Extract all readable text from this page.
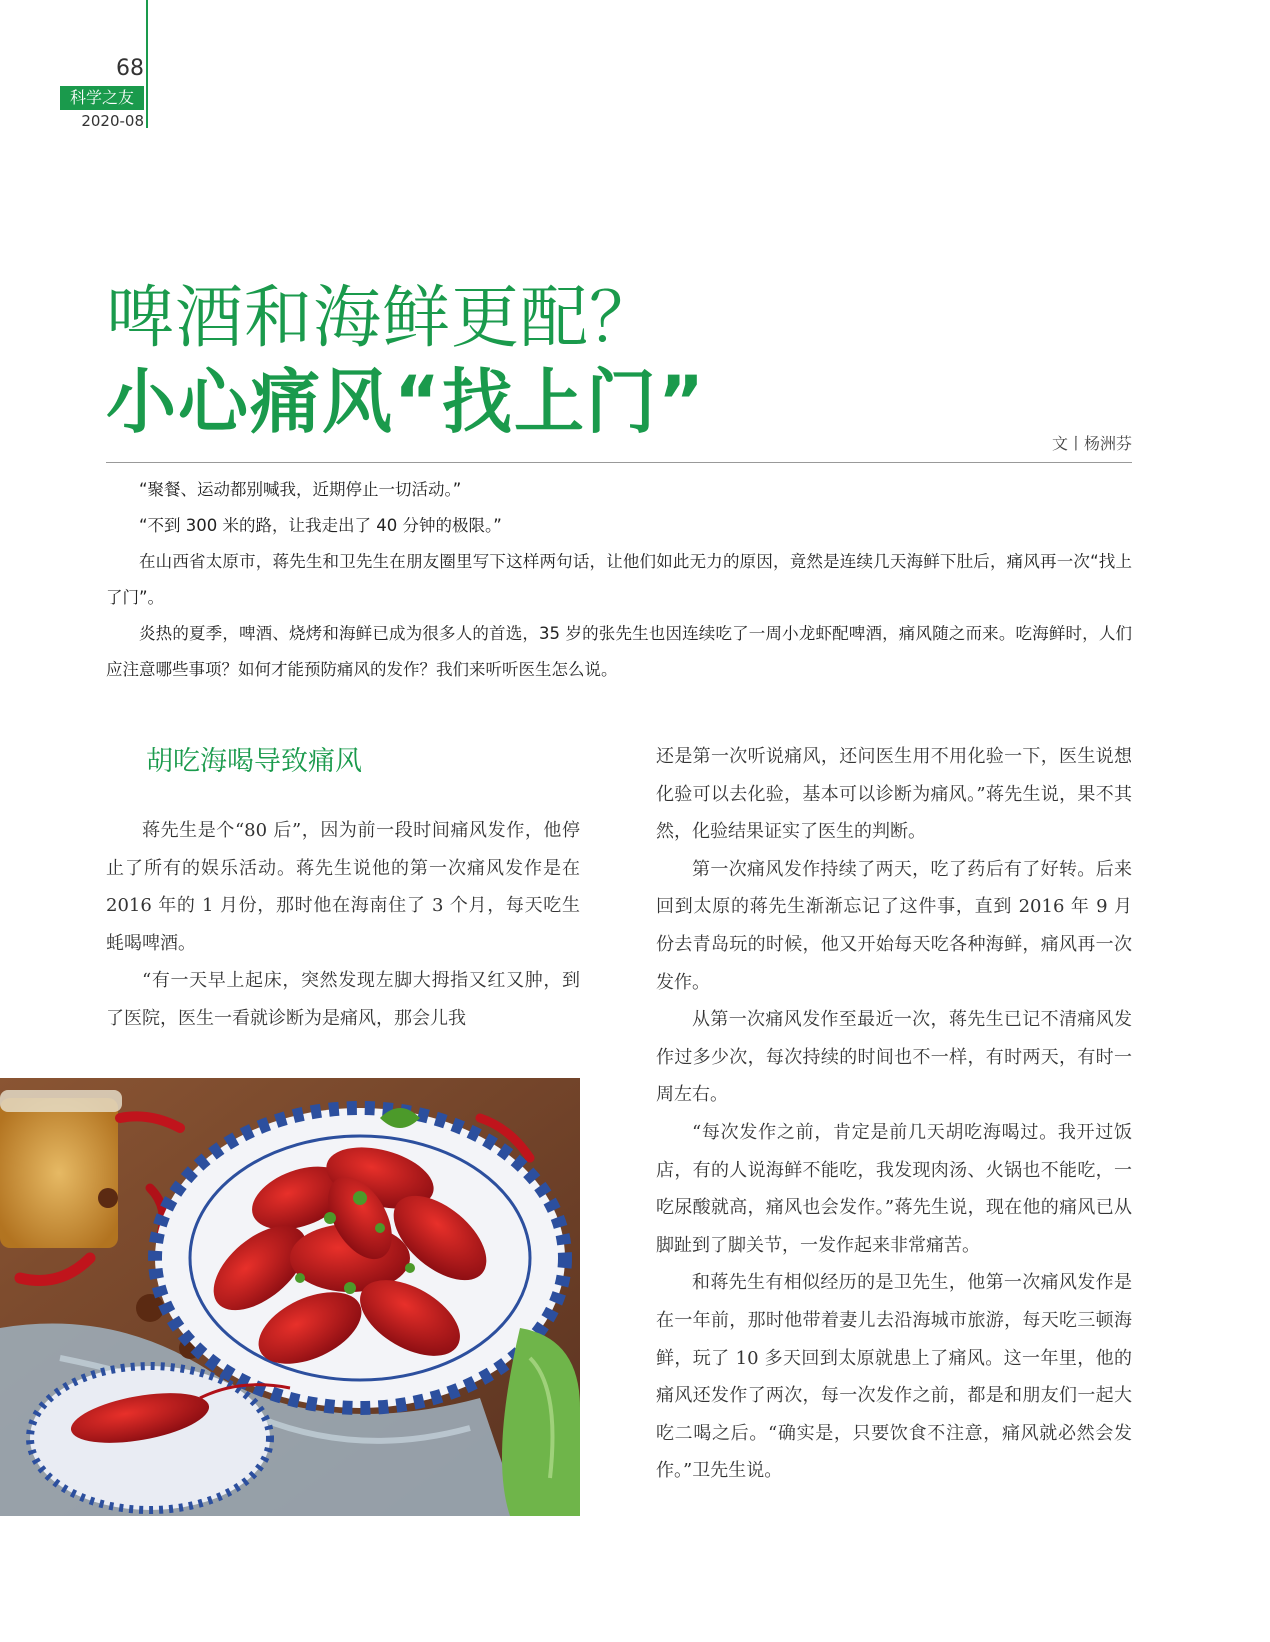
68
科学之友
2020-08
啤酒和海鲜更配？
小心痛风“找上门”
文丨杨洲芬

“聚餐、运动都别喊我，近期停止一切活动。”

“不到 300 米的路，让我走出了 40 分钟的极限。”

在山西省太原市，蒋先生和卫先生在朋友圈里写下这样两句话，让他们如此无力的原因，竟然是连续几天海鲜下肚后，痛风再一次“找上了门”。

炎热的夏季，啤酒、烧烤和海鲜已成为很多人的首选，35 岁的张先生也因连续吃了一周小龙虾配啤酒，痛风随之而来。吃海鲜时，人们应注意哪些事项？如何才能预防痛风的发作？我们来听听医生怎么说。

胡吃海喝导致痛风

蒋先生是个“80 后”，因为前一段时间痛风发作，他停止了所有的娱乐活动。蒋先生说他的第一次痛风发作是在 2016 年的 1 月份，那时他在海南住了 3 个月，每天吃生蚝喝啤酒。

“有一天早上起床，突然发现左脚大拇指又红又肿，到了医院，医生一看就诊断为是痛风，那会儿我

还是第一次听说痛风，还问医生用不用化验一下，医生说想化验可以去化验，基本可以诊断为痛风。”蒋先生说，果不其然，化验结果证实了医生的判断。

第一次痛风发作持续了两天，吃了药后有了好转。后来回到太原的蒋先生渐渐忘记了这件事，直到 2016 年 9 月份去青岛玩的时候，他又开始每天吃各种海鲜，痛风再一次发作。

从第一次痛风发作至最近一次，蒋先生已记不清痛风发作过多少次，每次持续的时间也不一样，有时两天，有时一周左右。

“每次发作之前，肯定是前几天胡吃海喝过。我开过饭店，有的人说海鲜不能吃，我发现肉汤、火锅也不能吃，一吃尿酸就高，痛风也会发作。”蒋先生说，现在他的痛风已从脚趾到了脚关节，一发作起来非常痛苦。

和蒋先生有相似经历的是卫先生，他第一次痛风发作是在一年前，那时他带着妻儿去沿海城市旅游，每天吃三顿海鲜，玩了 10 多天回到太原就患上了痛风。这一年里，他的痛风还发作了两次，每一次发作之前，都是和朋友们一起大吃二喝之后。“确实是，只要饮食不注意，痛风就必然会发作。”卫先生说。
